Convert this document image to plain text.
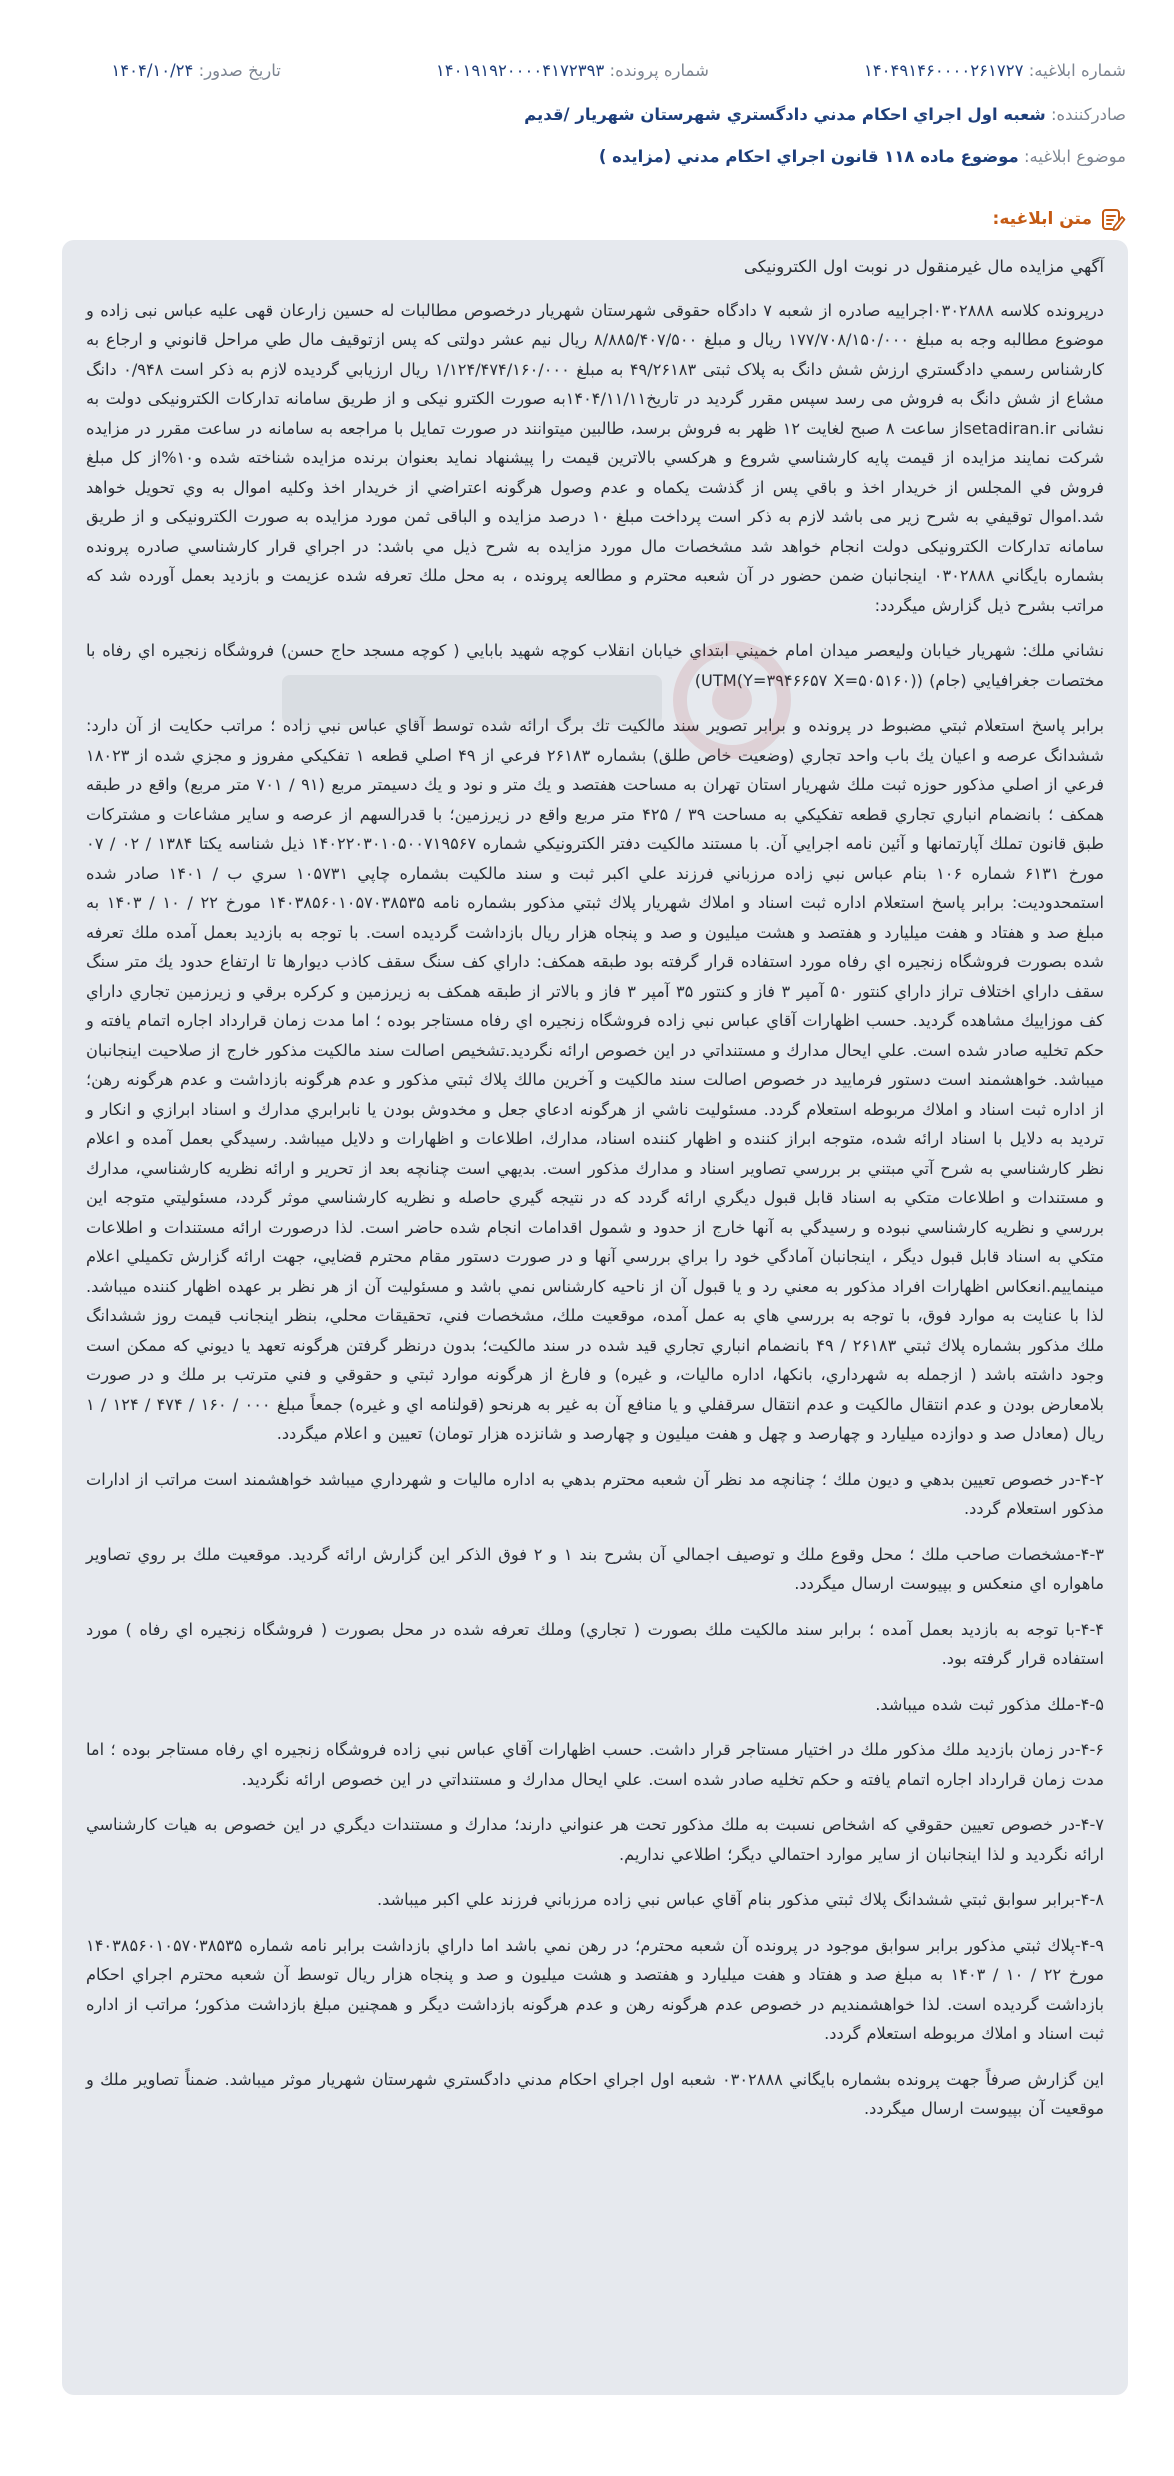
شماره ابلاغیه:

۱۴۰۴۹۱۴۶۰۰۰۰۲۶۱۷۲۷
شماره پرونده:

۱۴۰۱۹۱۹۲۰۰۰۰۴۱۷۲۳۹۳
تاریخ صدور:

۱۴۰۴/۱۰/۲۴
صادرکننده:

شعبه اول اجراي احکام مدني دادگستري شهرستان شهريار /قديم
موضوع ابلاغیه:

موضوع ماده ١١٨ قانون اجراي احکام مدني (مزايده )
متن ابلاغیه:

آگهي مزايده مال غيرمنقول در نوبت اول الکترونيکی

درپرونده کلاسه ۰۳۰۲۸۸۸اجراييه صادره از شعبه ۷ دادگاه حقوقی شهرستان شهريار درخصوص مطالبات له حسين زارعان قهی علیه عباس نبی زاده و موضوع مطالبه وجه به مبلغ ۱۷۷/۷۰۸/۱۵۰/۰۰۰ ريال و مبلغ ۸/۸۸۵/۴۰۷/۵۰۰ ريال نيم عشر دولتی که پس ازتوقيف مال طي مراحل قانوني و ارجاع به کارشناس رسمي دادگستري ارزش شش دانگ به پلاک ثبتی ۴۹/۲۶۱۸۳ به مبلغ ۱/۱۲۴/۴۷۴/۱۶۰/۰۰۰ ريال ارزيابي گرديده لازم به ذکر است ۰/۹۴۸ دانگ مشاع از شش دانگ به فروش می رسد سپس مقرر گرديد در تاريخ۱۴۰۴/۱۱/۱۱به صورت الکترو نيکی و از طريق سامانه تدارکات الکترونيکی دولت به نشانی setadiran.irاز ساعت ۸ صبح لغایت ۱۲ ظهر به فروش برسد، طالبين ميتوانند در صورت تمایل با مراجعه به سامانه در ساعت مقرر در مزايده شرکت نمايند مزايده از قيمت پايه کارشناسي شروع و هرکسي بالاترين قيمت را پيشنهاد نمايد بعنوان برنده مزايده شناخته شده و۱۰%از کل مبلغ فروش في المجلس از خريدار اخذ و باقي پس از گذشت يکماه و عدم وصول هرگونه اعتراضي از خريدار اخذ وکليه اموال به وي تحويل خواهد شد.اموال توقيفي به شرح زیر می باشد لازم به ذکر است پرداخت مبلغ ۱۰ درصد مزايده و الباقی ثمن مورد مزايده به صورت الکترونيکی و از طريق سامانه تدارکات الکترونيکی دولت انجام خواهد شد مشخصات مال مورد مزايده به شرح ذيل مي باشد: در اجراي قرار کارشناسي صادره پرونده بشماره بايگاني ۰۳۰۲۸۸۸ اينجانبان ضمن حضور در آن شعبه محترم و مطالعه پرونده ، به محل ملك تعرفه شده عزيمت و بازديد بعمل آورده شد كه مراتب بشرح ذيل گزارش ميگردد:

نشاني ملك: شهريار خيابان وليعصر ميدان امام خميني ابتداي خيابان انقلاب كوچه شهيد بابايي ( كوچه مسجد حاج حسن) فروشگاه زنجيره اي رفاه با مختصات جغرافيايي (جام) ((Y=۳۹۴۶۶۵۷ X=۵۰۵۱۶۰)UTM)

برابر پاسخ استعلام ثبتي مضبوط در پرونده و برابر تصوير سند مالكيت تك برگ ارائه شده توسط آقاي عباس نبي زاده ؛ مراتب حكايت از آن دارد: ششدانگ عرصه و اعيان يك باب واحد تجاري (وضعيت خاص طلق) بشماره ۲۶۱۸۳ فرعي از ۴۹ اصلي قطعه ۱ تفكيكي مفروز و مجزي شده از ۱۸۰۲۳ فرعي از اصلي مذكور حوزه ثبت ملك شهريار استان تهران به مساحت هفتصد و يك متر و نود و يك دسيمتر مربع (۹۱ / ۷۰۱ متر مربع) واقع در طبقه همكف ؛ بانضمام انباري تجاري قطعه تفكيكي به مساحت ۳۹ / ۴۲۵ متر مربع واقع در زيرزمين؛ با قدرالسهم از عرصه و ساير مشاعات و مشتركات طبق قانون تملك آپارتمانها و آئين نامه اجرايي آن. با مستند مالكيت دفتر الكترونيكي شماره ۱۴۰۲۲۰۳۰۱۰۵۰۰۷۱۹۵۶۷ ذيل شناسه يكتا ۱۳۸۴ / ۰۲ / ۰۷ مورخ ۶۱۳۱ شماره ۱۰۶ بنام عباس نبي زاده مرزباني فرزند علي اكبر ثبت و سند مالكيت بشماره چاپي ۱۰۵۷۳۱ سري ب / ۱۴۰۱ صادر شده استمحدوديت: برابر پاسخ استعلام اداره ثبت اسناد و املاك شهريار پلاك ثبتي مذكور بشماره نامه ۱۴۰۳۸۵۶۰۱۰۵۷۰۳۸۵۳۵ مورخ ۲۲ / ۱۰ / ۱۴۰۳ به مبلغ صد و هفتاد و هفت ميليارد و هفتصد و هشت ميليون و صد و پنجاه هزار ريال بازداشت گرديده است. با توجه به بازديد بعمل آمده ملك تعرفه شده بصورت فروشگاه زنجيره اي رفاه مورد استفاده قرار گرفته بود طبقه همكف: داراي كف سنگ سقف كاذب ديوارها تا ارتفاع حدود يك متر سنگ سقف داراي اختلاف تراز داراي كنتور ۵۰ آمپر ۳ فاز و كنتور ۳۵ آمپر ۳ فاز و بالاتر از طبقه همكف به زيرزمين و كركره برقي و زيرزمين تجاري داراي كف موزاييك مشاهده گرديد. حسب اظهارات آقاي عباس نبي زاده فروشگاه زنجيره اي رفاه مستاجر بوده ؛ اما مدت زمان قرارداد اجاره اتمام يافته و حكم تخليه صادر شده است. علي ايحال مدارك و مستنداتي در اين خصوص ارائه نگرديد.تشخيص اصالت سند مالكيت مذكور خارج از صلاحيت اينجانبان ميباشد. خواهشمند است دستور فرماييد در خصوص اصالت سند مالكيت و آخرين مالك پلاك ثبتي مذكور و عدم هرگونه بازداشت و عدم هرگونه رهن؛ از اداره ثبت اسناد و املاك مربوطه استعلام گردد. مسئوليت ناشي از هرگونه ادعاي جعل و مخدوش بودن يا نابرابري مدارك و اسناد ابرازي و انكار و ترديد به دلايل با اسناد ارائه شده، متوجه ابراز كننده و اظهار كننده اسناد، مدارك، اطلاعات و اظهارات و دلايل ميباشد. رسيدگي بعمل آمده و اعلام نظر كارشناسي به شرح آتي مبتني بر بررسي تصاوير اسناد و مدارك مذكور است. بديهي است چنانچه بعد از تحرير و ارائه نظريه كارشناسي، مدارك و مستندات و اطلاعات متكي به اسناد قابل قبول ديگري ارائه گردد كه در نتيجه گيري حاصله و نظريه كارشناسي موثر گردد، مسئوليتي متوجه اين بررسي و نظريه كارشناسي نبوده و رسيدگي به آنها خارج از حدود و شمول اقدامات انجام شده حاضر است. لذا درصورت ارائه مستندات و اطلاعات متكي به اسناد قابل قبول ديگر ، اينجانبان آمادگي خود را براي بررسي آنها و در صورت دستور مقام محترم قضايي، جهت ارائه گزارش تكميلي اعلام مينماييم.انعكاس اظهارات افراد مذكور به معني رد و يا قبول آن از ناحيه كارشناس نمي باشد و مسئوليت آن از هر نظر بر عهده اظهار كننده ميباشد. لذا با عنايت به موارد فوق، با توجه به بررسي هاي به عمل آمده، موقعيت ملك، مشخصات فني، تحقيقات محلي، بنظر اينجانب قيمت روز ششدانگ ملك مذكور بشماره پلاك ثبتي ۲۶۱۸۳ / ۴۹ بانضمام انباري تجاري قيد شده در سند مالكيت؛ بدون درنظر گرفتن هرگونه تعهد يا ديوني كه ممكن است وجود داشته باشد ( ازجمله به شهرداري، بانكها، اداره ماليات، و غيره) و فارغ از هرگونه موارد ثبتي و حقوقي و فني مترتب بر ملك و در صورت بلامعارض بودن و عدم انتقال مالكيت و عدم انتقال سرقفلي و يا منافع آن به غير به هرنحو (قولنامه اي و غيره) جمعاً مبلغ ۰۰۰ / ۱۶۰ / ۴۷۴ / ۱۲۴ / ۱ ريال (معادل صد و دوازده ميليارد و چهارصد و چهل و هفت ميليون و چهارصد و شانزده هزار تومان) تعيين و اعلام ميگردد.

۴-۲-در خصوص تعيين بدهي و ديون ملك ؛ چنانچه مد نظر آن شعبه محترم بدهي به اداره ماليات و شهرداري ميباشد خواهشمند است مراتب از ادارات مذكور استعلام گردد.

۴-۳-مشخصات صاحب ملك ؛ محل وقوع ملك و توصيف اجمالي آن بشرح بند ۱ و ۲ فوق الذكر اين گزارش ارائه گرديد. موقعيت ملك بر روي تصاوير ماهواره اي منعكس و بپيوست ارسال ميگردد.

۴-۴-با توجه به بازديد بعمل آمده ؛ برابر سند مالكيت ملك بصورت ( تجاري) وملك تعرفه شده در محل بصورت ( فروشگاه زنجيره اي رفاه ) مورد استفاده قرار گرفته بود.

۴-۵-ملك مذكور ثبت شده ميباشد.

۴-۶-در زمان بازديد ملك مذكور ملك در اختيار مستاجر قرار داشت. حسب اظهارات آقاي عباس نبي زاده فروشگاه زنجيره اي رفاه مستاجر بوده ؛ اما مدت زمان قرارداد اجاره اتمام يافته و حكم تخليه صادر شده است. علي ايحال مدارك و مستنداتي در اين خصوص ارائه نگرديد.

۴-۷-در خصوص تعيين حقوقي كه اشخاص نسبت به ملك مذكور تحت هر عنواني دارند؛ مدارك و مستندات ديگري در اين خصوص به هيات كارشناسي ارائه نگرديد و لذا اينجانبان از ساير موارد احتمالي ديگر؛ اطلاعي نداريم.

۴-۸-برابر سوابق ثبتي ششدانگ پلاك ثبتي مذكور بنام آقاي عباس نبي زاده مرزباني فرزند علي اكبر ميباشد.

۴-۹-پلاك ثبتي مذكور برابر سوابق موجود در پرونده آن شعبه محترم؛ در رهن نمي باشد اما داراي بازداشت برابر نامه شماره ۱۴۰۳۸۵۶۰۱۰۵۷۰۳۸۵۳۵ مورخ ۲۲ / ۱۰ / ۱۴۰۳ به مبلغ صد و هفتاد و هفت ميليارد و هفتصد و هشت ميليون و صد و پنجاه هزار ريال توسط آن شعبه محترم اجراي احكام بازداشت گرديده است. لذا خواهشمنديم در خصوص عدم هرگونه رهن و عدم هرگونه بازداشت ديگر و همچنين مبلغ بازداشت مذكور؛ مراتب از اداره ثبت اسناد و املاك مربوطه استعلام گردد.

اين گزارش صرفاً جهت پرونده بشماره بايگاني ۰۳۰۲۸۸۸ شعبه اول اجراي احكام مدني دادگستري شهرستان شهريار موثر ميباشد. ضمناً تصاوير ملك و موقعيت آن بپيوست ارسال ميگردد.
